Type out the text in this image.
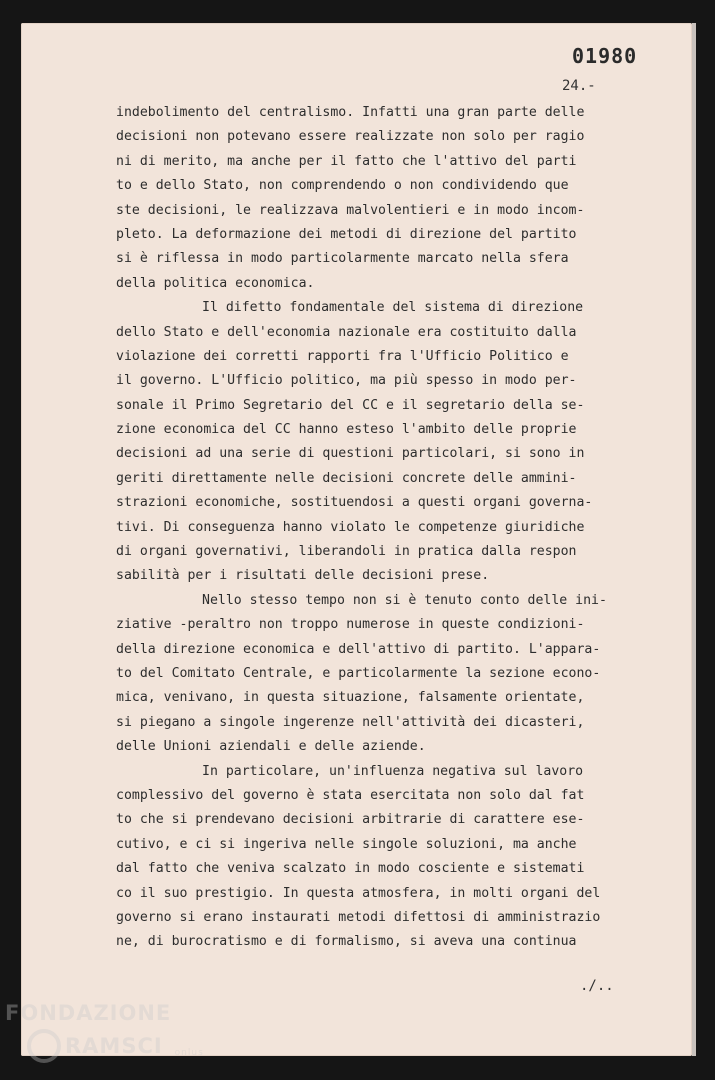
01980
24.-
indebolimento del centralismo. Infatti una gran parte delle
decisioni non potevano essere realizzate non solo per ragio
ni di merito, ma anche per il fatto che l'attivo del parti
to e dello Stato, non comprendendo o non condividendo que
ste decisioni, le realizzava malvolentieri e in modo incom-
pleto. La deformazione dei metodi di direzione del partito
si è riflessa in modo particolarmente marcato nella sfera
della politica economica.
Il difetto fondamentale del sistema di direzione
dello Stato e dell'economia nazionale era costituito dalla
violazione dei corretti rapporti fra l'Ufficio Politico e
il governo. L'Ufficio politico, ma più spesso in modo per-
sonale il Primo Segretario del CC e il segretario della se-
zione economica del CC hanno esteso l'ambito delle proprie
decisioni ad una serie di questioni particolari, si sono in
geriti direttamente nelle decisioni concrete delle ammini-
strazioni economiche, sostituendosi a questi organi governa-
tivi. Di conseguenza hanno violato le competenze giuridiche
di organi governativi, liberandoli in pratica dalla respon
sabilità per i risultati delle decisioni prese.
Nello stesso tempo non si è tenuto conto delle ini-
ziative -peraltro non troppo numerose in queste condizioni-
della direzione economica e dell'attivo di partito. L'appara-
to del Comitato Centrale, e particolarmente la sezione econo-
mica, venivano, in questa situazione, falsamente orientate,
si piegano a singole ingerenze nell'attività dei dicasteri,
delle Unioni aziendali e delle aziende.
In particolare, un'influenza negativa sul lavoro
complessivo del governo è stata esercitata non solo dal fat
to che si prendevano decisioni arbitrarie di carattere ese-
cutivo, e ci si ingeriva nelle singole soluzioni, ma anche
dal fatto che veniva scalzato in modo cosciente e sistemati
co il suo prestigio. In questa atmosfera, in molti organi del
governo si erano instaurati metodi difettosi di amministrazio
ne, di burocratismo e di formalismo, si aveva una continua
./..
FONDAZIONE
RAMSCI onlus
